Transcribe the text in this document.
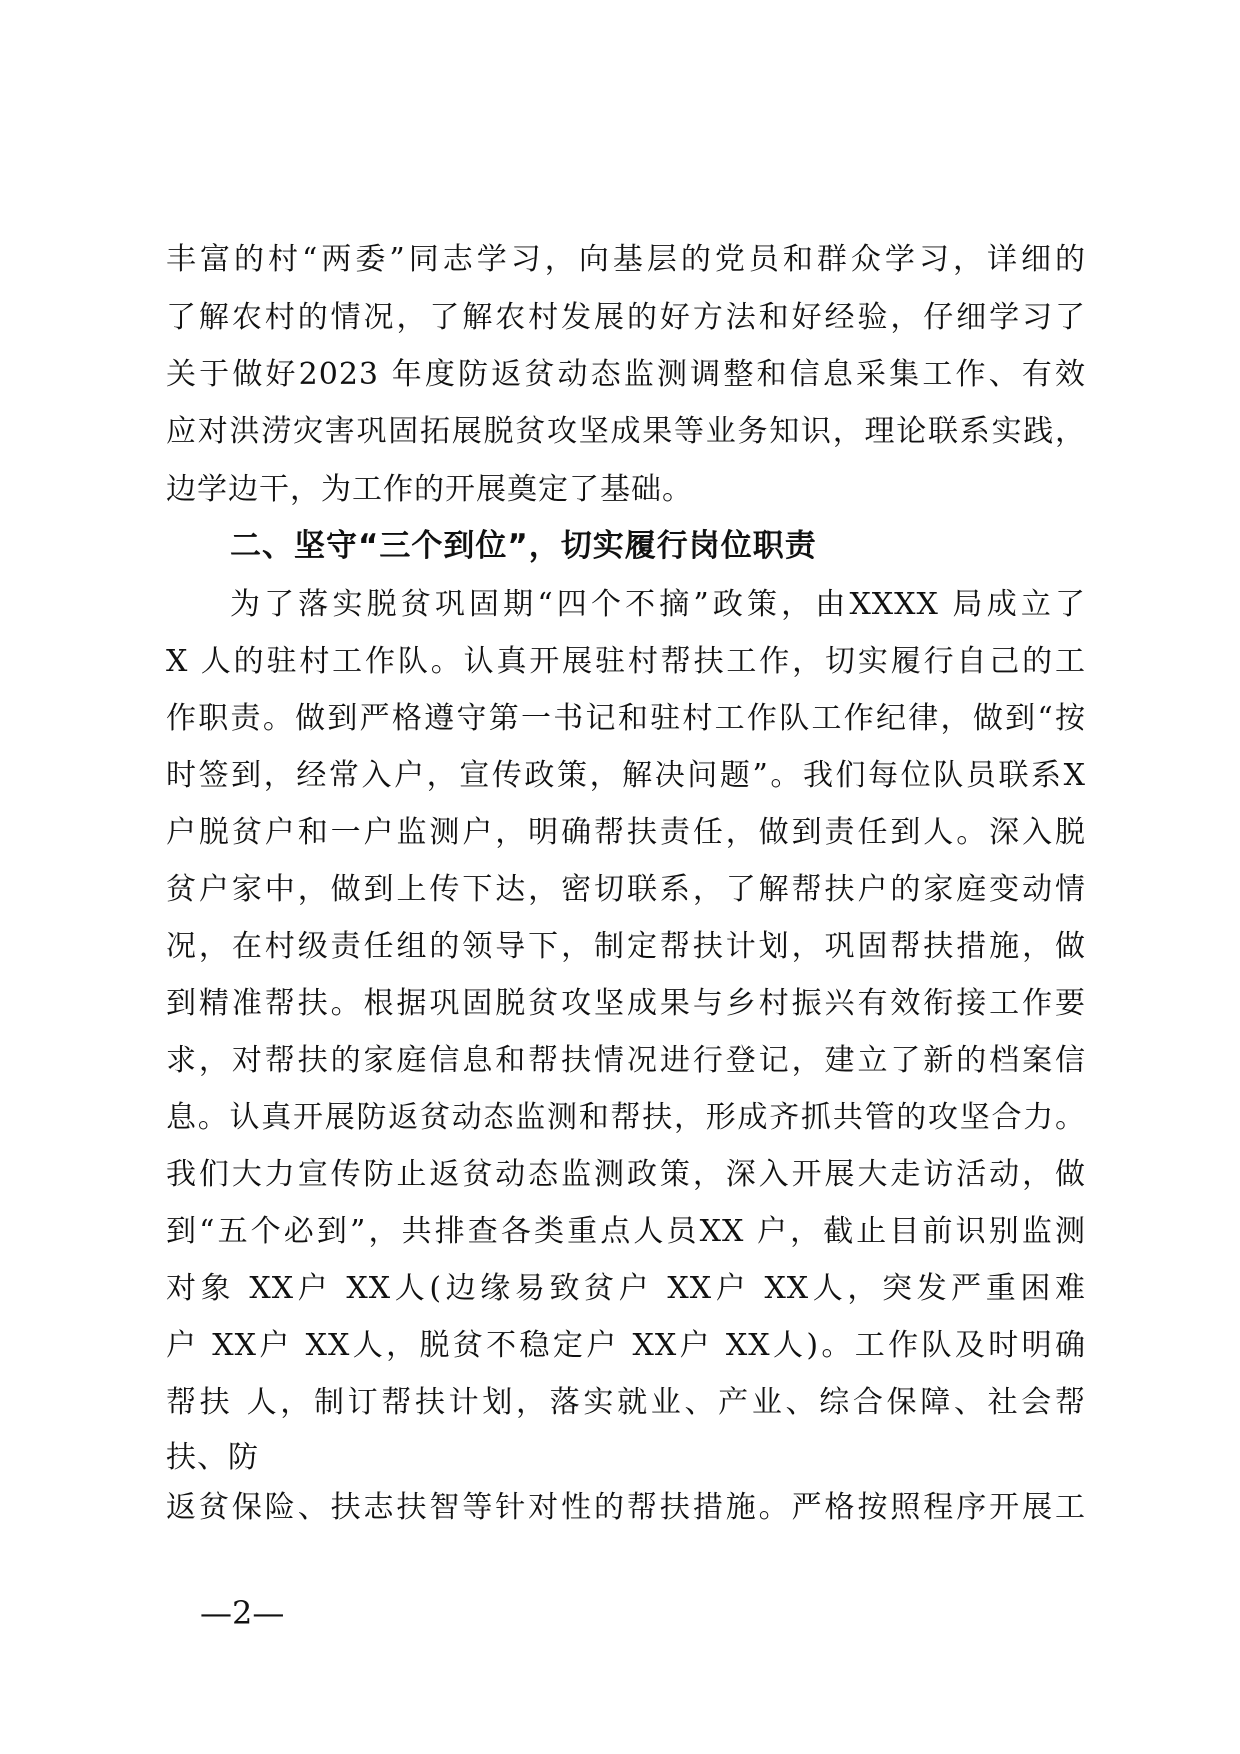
丰富的村“两委”同志学习，向基层的党员和群众学习，详细的
了解农村的情况，了解农村发展的好方法和好经验，仔细学习了
关于做好2023 年度防返贫动态监测调整和信息采集工作、有效
应对洪涝灾害巩固拓展脱贫攻坚成果等业务知识，理论联系实践，
边学边干，为工作的开展奠定了基础。
二、坚守“三个到位”，切实履行岗位职责
为了落实脱贫巩固期“四个不摘”政策，由XXXX 局成立了
X 人的驻村工作队。认真开展驻村帮扶工作，切实履行自己的工
作职责。做到严格遵守第一书记和驻村工作队工作纪律，做到“按
时签到，经常入户，宣传政策，解决问题”。我们每位队员联系X
户脱贫户和一户监测户，明确帮扶责任，做到责任到人。深入脱
贫户家中，做到上传下达，密切联系，了解帮扶户的家庭变动情
况，在村级责任组的领导下，制定帮扶计划，巩固帮扶措施，做
到精准帮扶。根据巩固脱贫攻坚成果与乡村振兴有效衔接工作要
求，对帮扶的家庭信息和帮扶情况进行登记，建立了新的档案信
息。认真开展防返贫动态监测和帮扶，形成齐抓共管的攻坚合力。
我们大力宣传防止返贫动态监测政策，深入开展大走访活动，做
到“五个必到”，共排查各类重点人员XX 户，截止目前识别监测
对象 XX户 XX人(边缘易致贫户 XX户 XX人，突发严重困难
户 XX户 XX人，脱贫不稳定户 XX户 XX人)。工作队及时明确
帮扶 人，制订帮扶计划，落实就业、产业、综合保障、社会帮
扶、防
返贫保险、扶志扶智等针对性的帮扶措施。严格按照程序开展工
—2—
